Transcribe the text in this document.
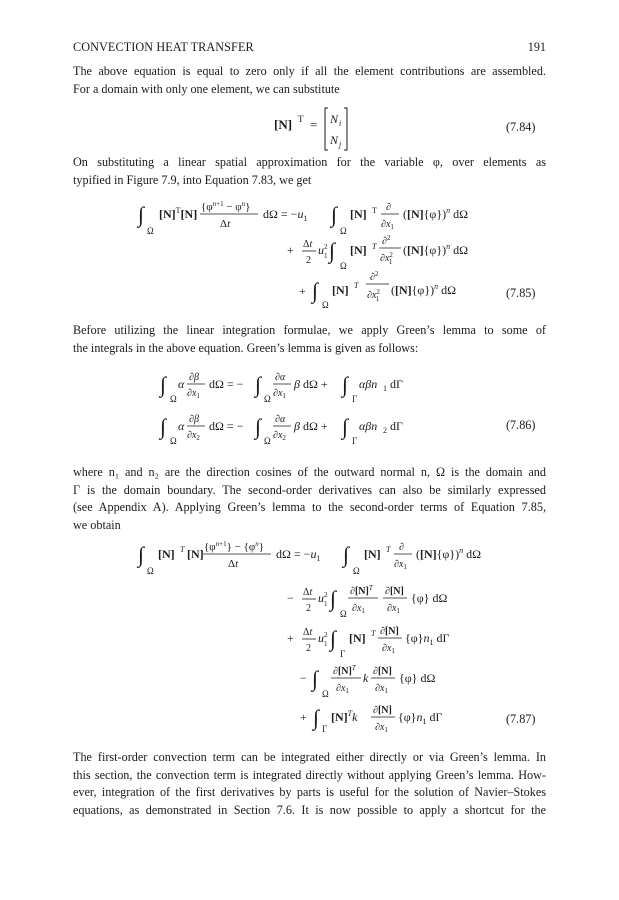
CONVECTION HEAT TRANSFER	191
The above equation is equal to zero only if all the element contributions are assembled.
For a domain with only one element, we can substitute
[N] T = N i
N j
(7.84)
On substituting a linear spatial approximation for the variable φ, over elements as
typified in Figure 7.9, into Equation 7.83, we get
∫
Ω
$[N]^T[N] \{\varphi^n+1 - \varphi^n\}$
Δt
$d\Omega = -u_1$ ∫
Ω
[N] T ∂
$\partial x_1$
$([N]\{\varphi\})^n$ dΩ
+ Δt
2
u 2
1 ∫
Ω
[N] T ∂$^2$
$\partial x^2$ 1
$([N]\{\varphi\})^n$ dΩ
+ ∫
Ω
[N] T
∂$^2$
$\partial x^2$ 1
$([N]\{\varphi\})^n$ dΩ	(7.85)
Before utilizing the linear integration formulae, we apply Green’s lemma to some of
the integrals in the above equation. Green’s lemma is given as follows:
∫
Ω
α ∂β
$\partial x_1$
dΩ = − ∫
Ω
∂α
$\partial x_1$
β dΩ + ∫
Γ
αβn 1 dΓ
∫
Ω
α ∂β
$\partial x_2$
dΩ = − ∫
Ω
∂α
$\partial x_2$
β dΩ + ∫
Γ
αβn 2 dΓ	(7.86)
where n₁ and n₂ are the direction cosines of the outward normal n, Ω is the domain and
Γ is the domain boundary. The second-order derivatives can also be similarly expressed
(see Appendix A). Applying Green’s lemma to the second-order terms of Equation 7.85,
we obtain
∫
Ω
[N] T [N] $\{\varphi^n+1\} - \{\varphi^n\}$
Δt
$d\Omega = -u_1$ ∫
Ω
[N] T ∂
$\partial x_1$
$([N]\{\varphi\})^n$ dΩ
− Δt
2
u 2
1 ∫
Ω
$\partial[N]^T$
$\partial x_1$
∂[N]
$\partial x_1$
{φ} dΩ
+ Δt
2
u 2
1 ∫
Γ
[N] T ∂[N]
$\partial x_1$
$\{\varphi\}n_1$ dΓ
− ∫
Ω
$\partial[N]^T$
$\partial x_1$
k ∂[N]
$\partial x_1$
{φ} dΩ
+ ∫ Γ
$[N]^Tk$ ∂[N]
$\partial x_1$
$\{\varphi\}n_1$ dΓ	(7.87)
The first-order convection term can be integrated either directly or via Green’s lemma. In
this section, the convection term is integrated directly without applying Green’s lemma. How-
ever, integration of the first derivatives by parts is useful for the solution of Navier–Stokes
equations, as demonstrated in Section 7.6. It is now possible to apply a shortcut for the
